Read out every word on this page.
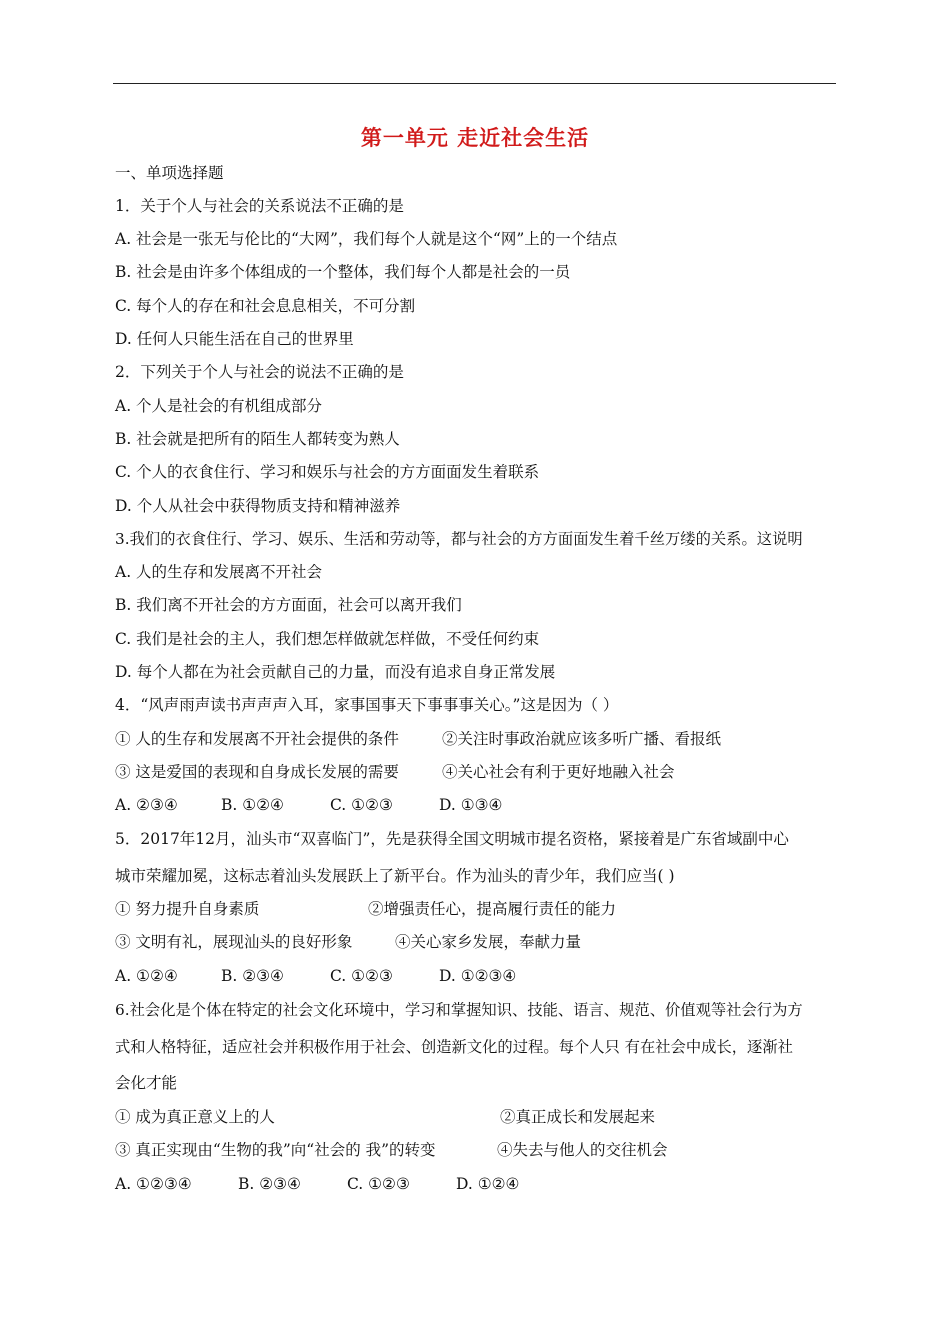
第一单元 走近社会生活
一、单项选择题
1．关于个人与社会的关系说法不正确的是
A. 社会是一张无与伦比的“大网”，我们每个人就是这个“网”上的一个结点
B. 社会是由许多个体组成的一个整体，我们每个人都是社会的一员
C. 每个人的存在和社会息息相关，不可分割
D. 任何人只能生活在自己的世界里
2．下列关于个人与社会的说法不正确的是
A. 个人是社会的有机组成部分
B. 社会就是把所有的陌生人都转变为熟人
C. 个人的衣食住行、学习和娱乐与社会的方方面面发生着联系
D. 个人从社会中获得物质支持和精神滋养
3.我们的衣食住行、学习、娱乐、生活和劳动等，都与社会的方方面面发生着千丝万缕的关系。这说明
A. 人的生存和发展离不开社会
B. 我们离不开社会的方方面面，社会可以离开我们
C. 我们是社会的主人，我们想怎样做就怎样做，不受任何约束
D. 每个人都在为社会贡献自己的力量，而没有追求自身正常发展
4．“风声雨声读书声声声入耳，家事国事天下事事事关心。”这是因为（ ）
① 人的生存和发展离不开社会提供的条件	②关注时事政治就应该多听广播、看报纸
③ 这是爱国的表现和自身成长发展的需要	④关心社会有利于更好地融入社会
A. ②③④	B. ①②④	C. ①②③	D. ①③④
5．2017年12月，汕头市“双喜临门”，先是获得全国文明城市提名资格，紧接着是广东省域副中心
城市荣耀加冕，这标志着汕头发展跃上了新平台。作为汕头的青少年，我们应当( )
① 努力提升自身素质	②增强责任心，提高履行责任的能力
③ 文明有礼，展现汕头的良好形象	④关心家乡发展，奉献力量
A. ①②④	B. ②③④	C. ①②③	D. ①②③④
6.社会化是个体在特定的社会文化环境中，学习和掌握知识、技能、语言、规范、价值观等社会行为方
式和人格特征，适应社会并积极作用于社会、创造新文化的过程。每个人只 有在社会中成长，逐渐社
会化才能
① 成为真正意义上的人	②真正成长和发展起来
③ 真正实现由“生物的我”向“社会的 我”的转变	④失去与他人的交往机会
A. ①②③④	B. ②③④	C. ①②③	D. ①②④
